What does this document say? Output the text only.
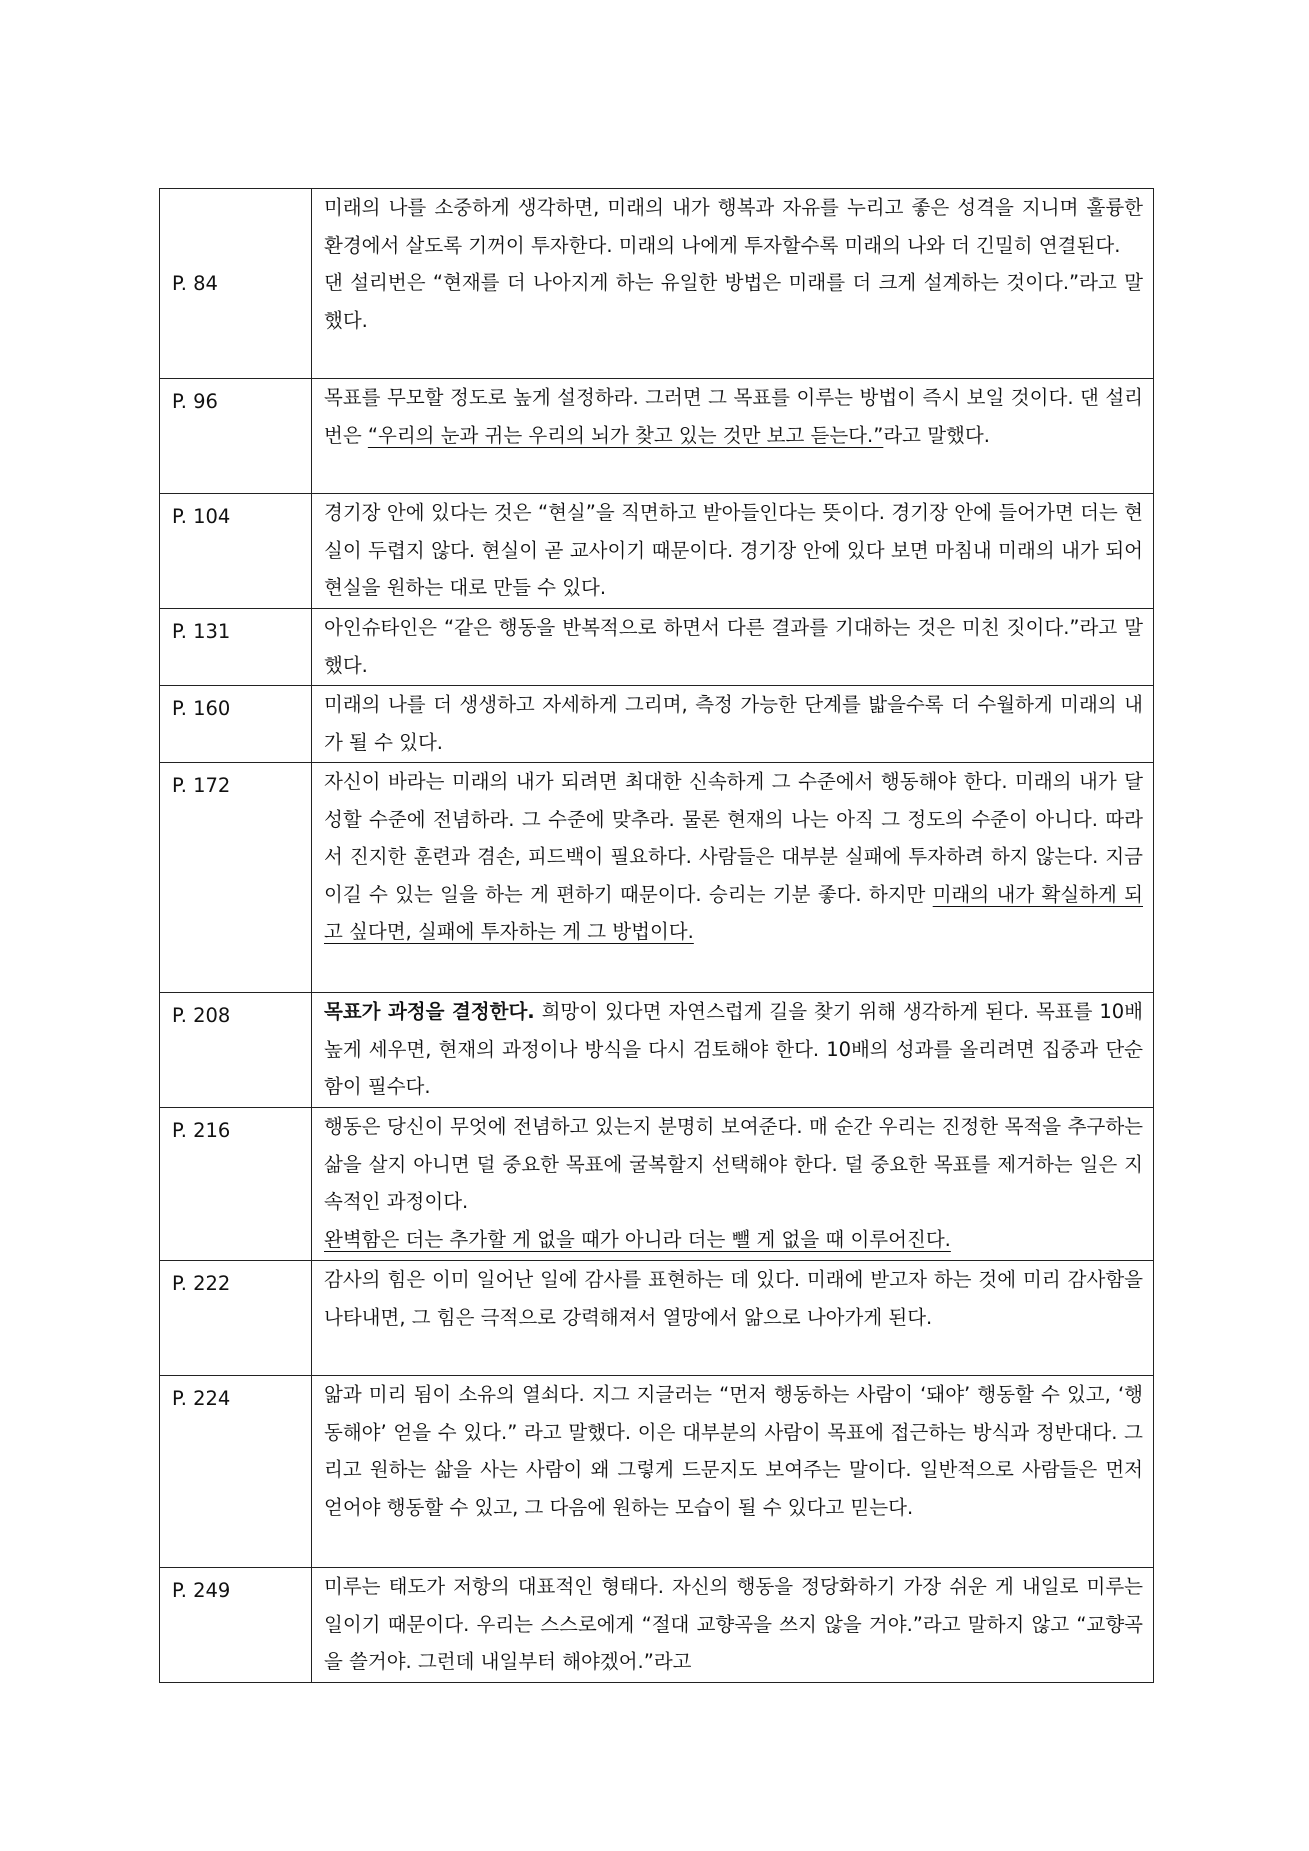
P. 84	미래의 나를 소중하게 생각하면, 미래의 내가 행복과 자유를 누리고 좋은 성격을 지니며 훌륭한 환경에서 살도록 기꺼이 투자한다. 미래의 나에게 투자할수록 미래의 나와 더 긴밀히 연결된다.
댄 설리번은 “현재를 더 나아지게 하는 유일한 방법은 미래를 더 크게 설계하는 것이다.”라고 말했다.

P. 96	목표를 무모할 정도로 높게 설정하라. 그러면 그 목표를 이루는 방법이 즉시 보일 것이다. 댄 설리번은 “우리의 눈과 귀는 우리의 뇌가 찾고 있는 것만 보고 듣는다.”라고 말했다.

P. 104	경기장 안에 있다는 것은 “현실”을 직면하고 받아들인다는 뜻이다. 경기장 안에 들어가면 더는 현실이 두렵지 않다. 현실이 곧 교사이기 때문이다. 경기장 안에 있다 보면 마침내 미래의 내가 되어 현실을 원하는 대로 만들 수 있다.

P. 131	아인슈타인은 “같은 행동을 반복적으로 하면서 다른 결과를 기대하는 것은 미친 짓이다.”라고 말했다.

P. 160	미래의 나를 더 생생하고 자세하게 그리며, 측정 가능한 단계를 밟을수록 더 수월하게 미래의 내가 될 수 있다.

P. 172	자신이 바라는 미래의 내가 되려면 최대한 신속하게 그 수준에서 행동해야 한다. 미래의 내가 달성할 수준에 전념하라. 그 수준에 맞추라. 물론 현재의 나는 아직 그 정도의 수준이 아니다. 따라서 진지한 훈련과 겸손, 피드백이 필요하다. 사람들은 대부분 실패에 투자하려 하지 않는다. 지금 이길 수 있는 일을 하는 게 편하기 때문이다. 승리는 기분 좋다. 하지만 미래의 내가 확실하게 되고 싶다면, 실패에 투자하는 게 그 방법이다.

P. 208	목표가 과정을 결정한다. 희망이 있다면 자연스럽게 길을 찾기 위해 생각하게 된다. 목표를 10배 높게 세우면, 현재의 과정이나 방식을 다시 검토해야 한다. 10배의 성과를 올리려면 집중과 단순함이 필수다.

P. 216	행동은 당신이 무엇에 전념하고 있는지 분명히 보여준다. 매 순간 우리는 진정한 목적을 추구하는 삶을 살지 아니면 덜 중요한 목표에 굴복할지 선택해야 한다. 덜 중요한 목표를 제거하는 일은 지속적인 과정이다.
완벽함은 더는 추가할 게 없을 때가 아니라 더는 뺄 게 없을 때 이루어진다.

P. 222	감사의 힘은 이미 일어난 일에 감사를 표현하는 데 있다. 미래에 받고자 하는 것에 미리 감사함을 나타내면, 그 힘은 극적으로 강력해져서 열망에서 앎으로 나아가게 된다.

P. 224	앎과 미리 됨이 소유의 열쇠다. 지그 지글러는 “먼저 행동하는 사람이 ‘돼야’ 행동할 수 있고, ‘행동해야’ 얻을 수 있다.” 라고 말했다. 이은 대부분의 사람이 목표에 접근하는 방식과 정반대다. 그리고 원하는 삶을 사는 사람이 왜 그렇게 드문지도 보여주는 말이다. 일반적으로 사람들은 먼저 얻어야 행동할 수 있고, 그 다음에 원하는 모습이 될 수 있다고 믿는다.

P. 249	미루는 태도가 저항의 대표적인 형태다. 자신의 행동을 정당화하기 가장 쉬운 게 내일로 미루는 일이기 때문이다. 우리는 스스로에게 “절대 교향곡을 쓰지 않을 거야.”라고 말하지 않고 “교향곡을 쓸거야. 그런데 내일부터 해야겠어.”라고
